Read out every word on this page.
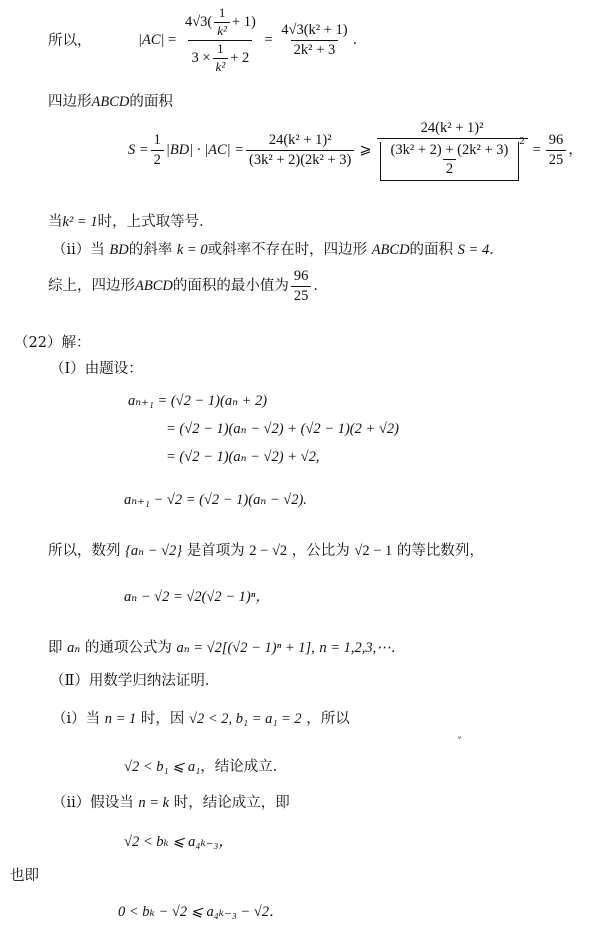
所以，	$|AC| = \frac{4√3( \frac{1}{\text{k²}} + 1)}{3 \times \frac{1}{\text{k²}} + 2} = \frac{\text{4√3(k² + 1)}}{\text{2k² + 3}}$ ．
四边形ABCD的面积
$S = \frac{1}{2} |BD| \cdot |AC| = \frac{\text{24(k² + 1)²}}{\text{(3k² + 2)(2k² + 3)}}$ ⩾ 24(k² + 1)²
$\frac{\text{(3k² + 2) + (2k² + 3)}}{2}$
$2 = \frac{96}{25}$ ，
当k² = 1时，上式取等号．
（ⅱ）当 BD的斜率 k = 0或斜率不存在时，四边形 ABCD的面积 S = 4．
综上，四边形 ABCD 的面积的最小值为 $\frac{96}{25}$ ．
（22）解：
（Ⅰ）由题设：
aₙ₊₁ = (√2 − 1)(aₙ + 2)
= (√2 − 1)(aₙ − √2) + (√2 − 1)(2 + √2)
= (√2 − 1)(aₙ − √2) + √2,
aₙ₊₁ − √2 = (√2 − 1)(aₙ − √2).
所以，数列 {aₙ − √2} 是首项为 2 − √2 ，公比为 √2 − 1 的等比数列，
aₙ − √2 = √2(√2 − 1)ⁿ，
即 aₙ 的通项公式为 aₙ = √2[(√2 − 1)ⁿ + 1], n = 1,2,3,⋯．
（Ⅱ）用数学归纳法证明．
（ⅰ）当 n = 1 时，因 √2 < 2, b₁ = a₁ = 2 ，所以
ˇ
√2 < b₁ ⩽ a₁，结论成立．
（ⅱ）假设当 n = k 时，结论成立，即
√2 < bₖ ⩽ a₄ₖ₋₃，
也即
0 < bₖ − √2 ⩽ a₄ₖ₋₃ − √2．
